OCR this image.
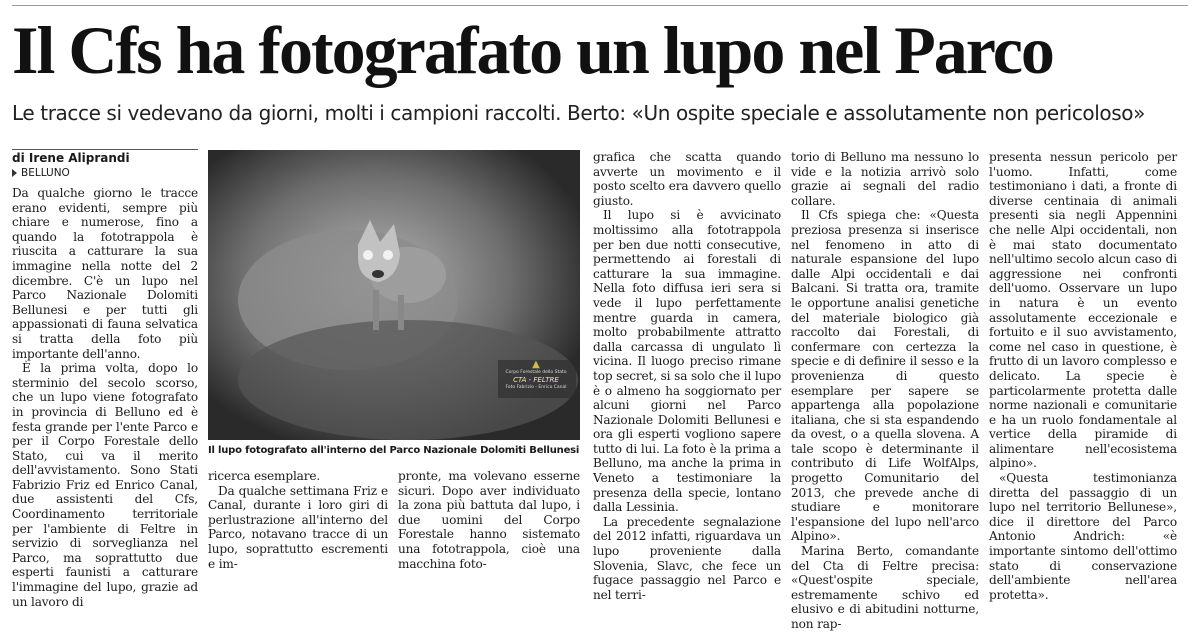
Il Cfs ha fotografato un lupo nel Parco
Le tracce si vedevano da giorni, molti i campioni raccolti. Berto: «Un ospite speciale e assolutamente non pericoloso»
di Irene Aliprandi
BELLUNO

Da qualche giorno le tracce erano evidenti, sempre più chiare e numerose, fino a quando la fototrappola è riuscita a catturare la sua immagine nella notte del 2 dicembre. C'è un lupo nel Parco Nazionale Dolomiti Bellunesi e per tutti gli appassionati di fauna selvatica si tratta della foto più importante dell'anno.

È la prima volta, dopo lo sterminio del secolo scorso, che un lupo viene fotografato in provincia di Belluno ed è festa grande per l'ente Parco e per il Corpo Forestale dello Stato, cui va il merito dell'avvistamento. Sono Stati Fabrizio Friz ed Enrico Canal, due assistenti del Cfs, Coordinamento territoriale per l'ambiente di Feltre in servizio di sorveglianza nel Parco, ma soprattutto due esperti faunisti a catturare l'immagine del lupo, grazie ad un lavoro di

▲
Corpo Forestale dello Stato
CTA - FELTRE
Foto Fabrizio - Enrico Canal
Il lupo fotografato all'interno del Parco Nazionale Dolomiti Bellunesi

ricerca esemplare.

Da qualche settimana Friz e Canal, durante i loro giri di perlustrazione all'interno del Parco, notavano tracce di un lupo, soprattutto escrementi e im-

pronte, ma volevano esserne sicuri. Dopo aver individuato la zona più battuta dal lupo, i due uomini del Corpo Forestale hanno sistemato una fototrappola, cioè una macchina foto-

grafica che scatta quando avverte un movimento e il posto scelto era davvero quello giusto.

Il lupo si è avvicinato moltissimo alla fototrappola per ben due notti consecutive, permettendo ai forestali di catturare la sua immagine. Nella foto diffusa ieri sera si vede il lupo perfettamente mentre guarda in camera, molto probabilmente attratto dalla carcassa di ungulato lì vicina. Il luogo preciso rimane top secret, si sa solo che il lupo è o almeno ha soggiornato per alcuni giorni nel Parco Nazionale Dolomiti Bellunesi e ora gli esperti vogliono sapere tutto di lui. La foto è la prima a Belluno, ma anche la prima in Veneto a testimoniare la presenza della specie, lontano dalla Lessinia.

La precedente segnalazione del 2012 infatti, riguardava un lupo proveniente dalla Slovenia, Slavc, che fece un fugace passaggio nel Parco e nel terri-

torio di Belluno ma nessuno lo vide e la notizia arrivò solo grazie ai segnali del radio collare.

Il Cfs spiega che: «Questa preziosa presenza si inserisce nel fenomeno in atto di naturale espansione del lupo dalle Alpi occidentali e dai Balcani. Si tratta ora, tramite le opportune analisi genetiche del materiale biologico già raccolto dai Forestali, di confermare con certezza la specie e di definire il sesso e la provenienza di questo esemplare per sapere se appartenga alla popolazione italiana, che si sta espandendo da ovest, o a quella slovena. A tale scopo è determinante il contributo di Life WolfAlps, progetto Comunitario del 2013, che prevede anche di studiare e monitorare l'espansione del lupo nell'arco Alpino».

Marina Berto, comandante del Cta di Feltre precisa: «Quest'ospite speciale, estremamente schivo ed elusivo e di abitudini notturne, non rap-

presenta nessun pericolo per l'uomo. Infatti, come testimoniano i dati, a fronte di diverse centinaia di animali presenti sia negli Appennini che nelle Alpi occidentali, non è mai stato documentato nell'ultimo secolo alcun caso di aggressione nei confronti dell'uomo. Osservare un lupo in natura è un evento assolutamente eccezionale e fortuito e il suo avvistamento, come nel caso in questione, è frutto di un lavoro complesso e delicato. La specie è particolarmente protetta dalle norme nazionali e comunitarie e ha un ruolo fondamentale al vertice della piramide di alimentare nell'ecosistema alpino».

«Questa testimonianza diretta del passaggio di un lupo nel territorio Bellunese», dice il direttore del Parco Antonio Andrich: «è importante sintomo dell'ottimo stato di conservazione dell'ambiente nell'area protetta».
